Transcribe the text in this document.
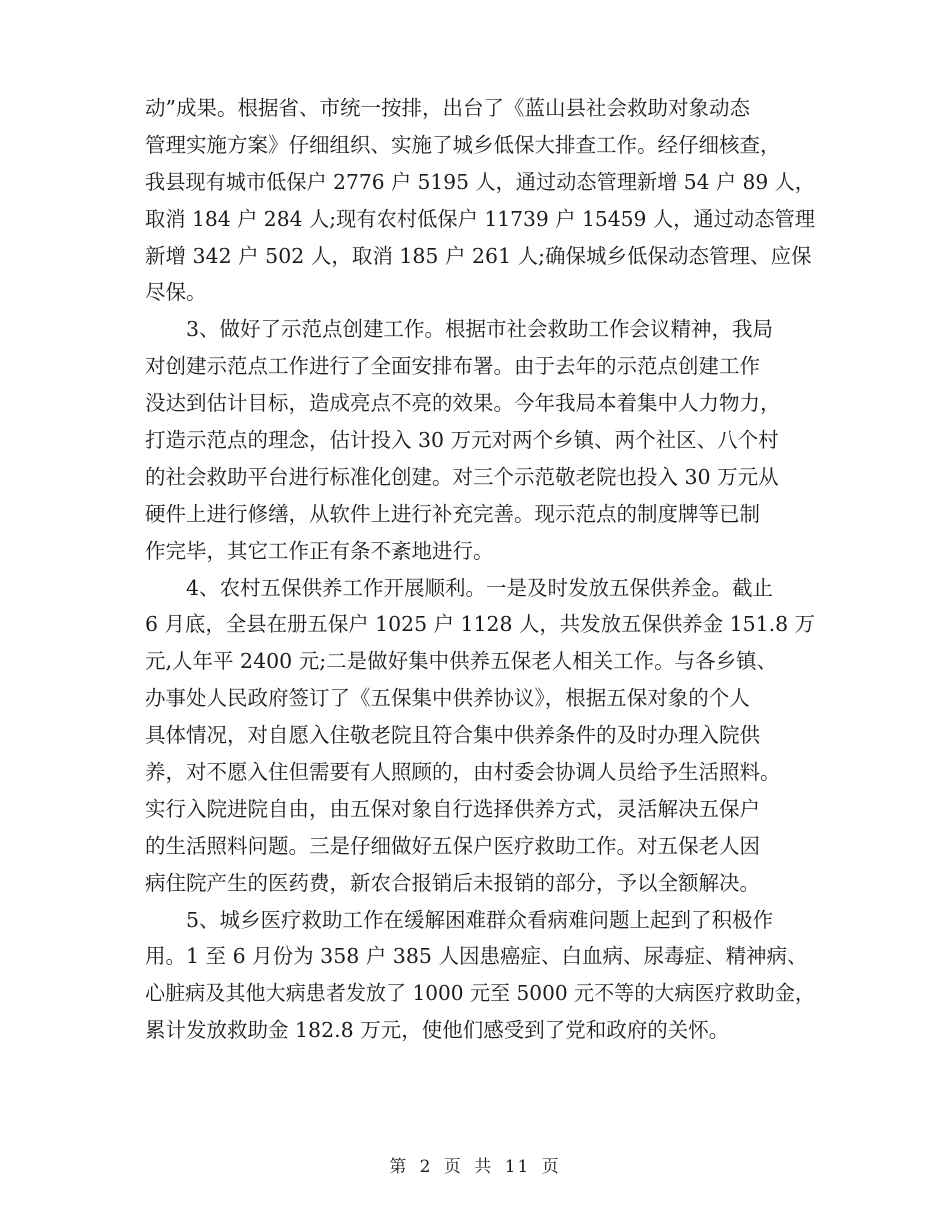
动”成果。根据省、市统一按排，出台了《蓝山县社会救助对象动态
管理实施方案》仔细组织、实施了城乡低保大排查工作。经仔细核查，
我县现有城市低保户 2776 户 5195 人，通过动态管理新增 54 户 89 人，
取消 184 户 284 人;现有农村低保户 11739 户 15459 人，通过动态管理
新增 342 户 502 人，取消 185 户 261 人;确保城乡低保动态管理、应保
尽保。
3、做好了示范点创建工作。根据市社会救助工作会议精神，我局
对创建示范点工作进行了全面安排布署。由于去年的示范点创建工作
没达到估计目标，造成亮点不亮的效果。今年我局本着集中人力物力，
打造示范点的理念，估计投入 30 万元对两个乡镇、两个社区、八个村
的社会救助平台进行标准化创建。对三个示范敬老院也投入 30 万元从
硬件上进行修缮，从软件上进行补充完善。现示范点的制度牌等已制
作完毕，其它工作正有条不紊地进行。
4、农村五保供养工作开展顺利。一是及时发放五保供养金。截止
6 月底，全县在册五保户 1025 户 1128 人，共发放五保供养金 151.8 万
元,人年平 2400 元;二是做好集中供养五保老人相关工作。与各乡镇、
办事处人民政府签订了《五保集中供养协议》，根据五保对象的个人
具体情况，对自愿入住敬老院且符合集中供养条件的及时办理入院供
养，对不愿入住但需要有人照顾的，由村委会协调人员给予生活照料。
实行入院进院自由，由五保对象自行选择供养方式，灵活解决五保户
的生活照料问题。三是仔细做好五保户医疗救助工作。对五保老人因
病住院产生的医药费，新农合报销后未报销的部分，予以全额解决。
5、城乡医疗救助工作在缓解困难群众看病难问题上起到了积极作
用。1 至 6 月份为 358 户 385 人因患癌症、白血病、尿毒症、精神病、
心脏病及其他大病患者发放了 1000 元至 5000 元不等的大病医疗救助金，
累计发放救助金 182.8 万元，使他们感受到了党和政府的关怀。
第 2 页 共 11 页
